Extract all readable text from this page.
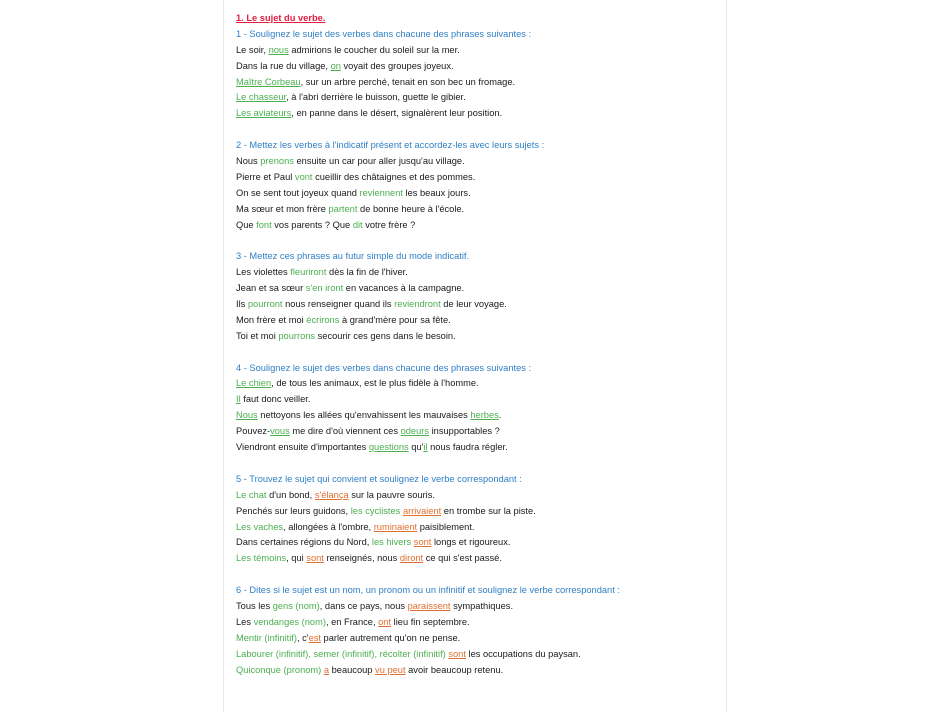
1. Le sujet du verbe.
1 - Soulignez le sujet des verbes dans chacune des phrases suivantes :
Le soir, nous admirions le coucher du soleil sur la mer.
Dans la rue du village, on voyait des groupes joyeux.
Maître Corbeau, sur un arbre perché, tenait en son bec un fromage.
Le chasseur, à l'abri derrière le buisson, guette le gibier.
Les aviateurs, en panne dans le désert, signalèrent leur position.
2 - Mettez les verbes à l'indicatif présent et accordez-les avec leurs sujets :
Nous prenons ensuite un car pour aller jusqu'au village.
Pierre et Paul vont cueillir des châtaignes et des pommes.
On se sent tout joyeux quand reviennent les beaux jours.
Ma sœur et mon frère partent de bonne heure à l'école.
Que font vos parents ? Que dit votre frère ?
3 - Mettez ces phrases au futur simple du mode indicatif.
Les violettes fleuriront dès la fin de l'hiver.
Jean et sa sœur s'en iront en vacances à la campagne.
Ils pourront nous renseigner quand ils reviendront de leur voyage.
Mon frère et moi écrirons à grand'mère pour sa fête.
Toi et moi pourrons secourir ces gens dans le besoin.
4 - Soulignez le sujet des verbes dans chacune des phrases suivantes :
Le chien, de tous les animaux, est le plus fidèle à l'homme.
Il faut donc veiller.
Nous nettoyons les allées qu'envahissent les mauvaises herbes.
Pouvez-vous me dire d'où viennent ces odeurs insupportables ?
Viendront ensuite d'importantes questions qu'il nous faudra régler.
5 - Trouvez le sujet qui convient et soulignez le verbe correspondant :
Le chat d'un bond, s'élança sur la pauvre souris.
Penchés sur leurs guidons, les cyclistes arrivaient en trombe sur la piste.
Les vaches, allongées à l'ombre, ruminaient paisiblement.
Dans certaines régions du Nord, les hivers sont longs et rigoureux.
Les témoins, qui sont renseignés, nous diront ce qui s'est passé.
6 - Dites si le sujet est un nom, un pronom ou un infinitif et soulignez le verbe correspondant :
Tous les gens (nom), dans ce pays, nous paraissent sympathiques.
Les vendanges (nom), en France, ont lieu fin septembre.
Mentir (infinitif), c'est parler autrement qu'on ne pense.
Labourer (infinitif), semer (infinitif), récolter (infinitif) sont les occupations du paysan.
Quiconque (pronom) a beaucoup vu peut avoir beaucoup retenu.
